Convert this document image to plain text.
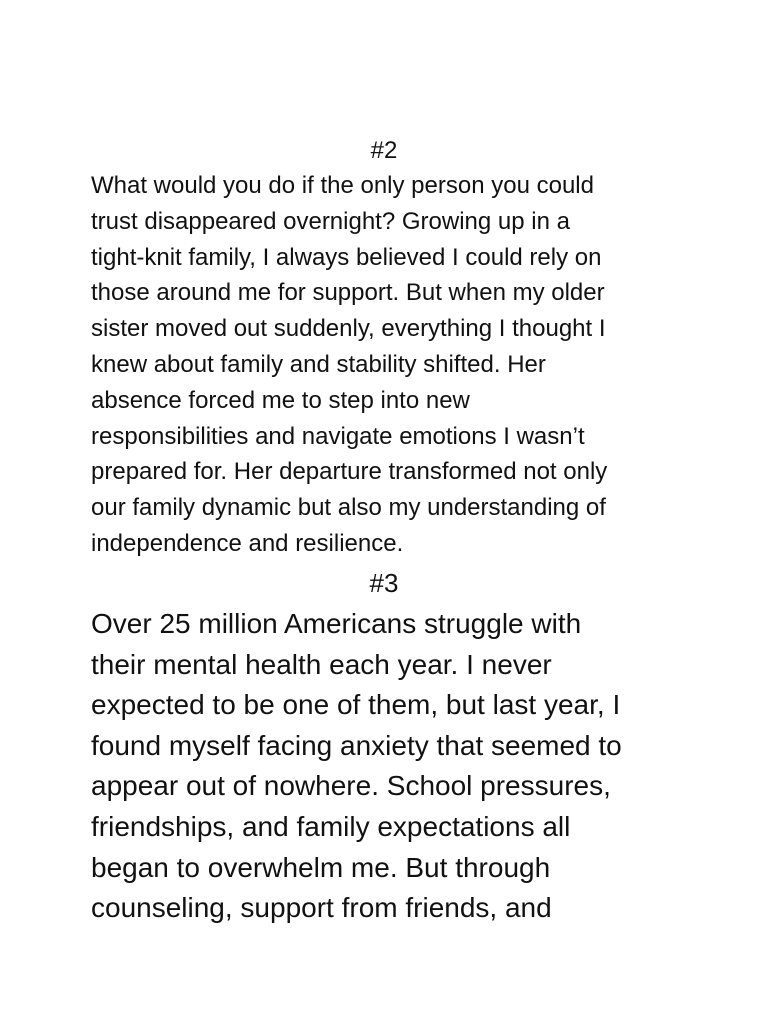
#2

What would you do if the only person you could
trust disappeared overnight? Growing up in a
tight-knit family, I always believed I could rely on
those around me for support. But when my older
sister moved out suddenly, everything I thought I
knew about family and stability shifted. Her
absence forced me to step into new
responsibilities and navigate emotions I wasn’t
prepared for. Her departure transformed not only
our family dynamic but also my understanding of
independence and resilience.

#3

Over 25 million Americans struggle with
their mental health each year. I never
expected to be one of them, but last year, I
found myself facing anxiety that seemed to
appear out of nowhere. School pressures,
friendships, and family expectations all
began to overwhelm me. But through
counseling, support from friends, and
